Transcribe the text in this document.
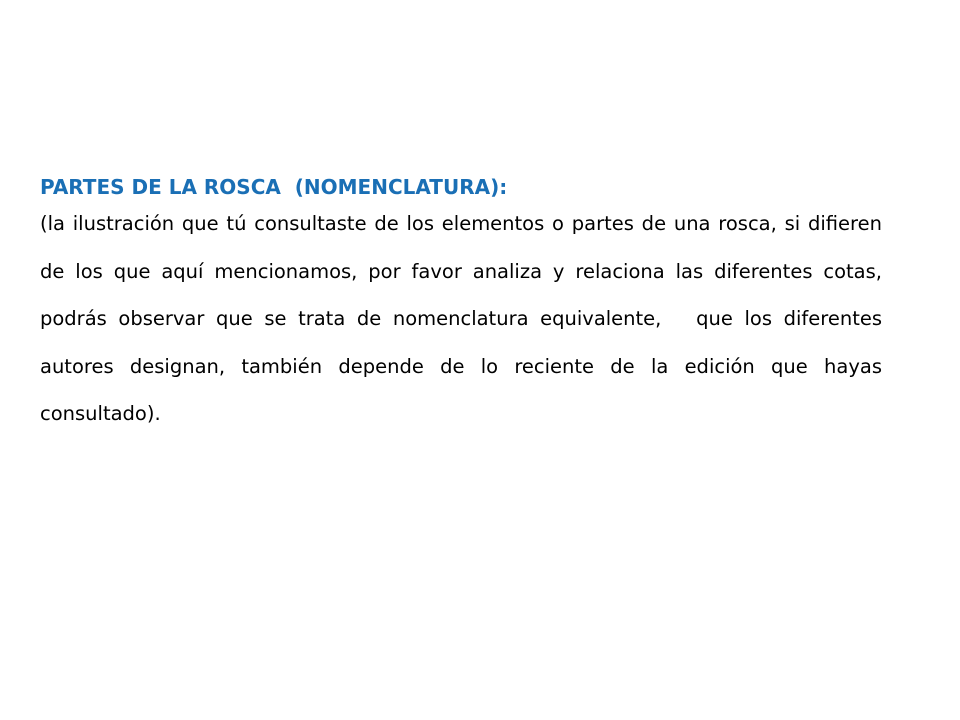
PARTES DE LA ROSCA  (NOMENCLATURA):

(la ilustración que tú consultaste de los elementos o partes de una rosca, si difieren de los que aquí mencionamos, por favor analiza y relaciona las diferentes cotas, podrás observar que se trata de nomenclatura equivalente,   que los diferentes autores designan, también depende de lo reciente de la edición que hayas consultado).
